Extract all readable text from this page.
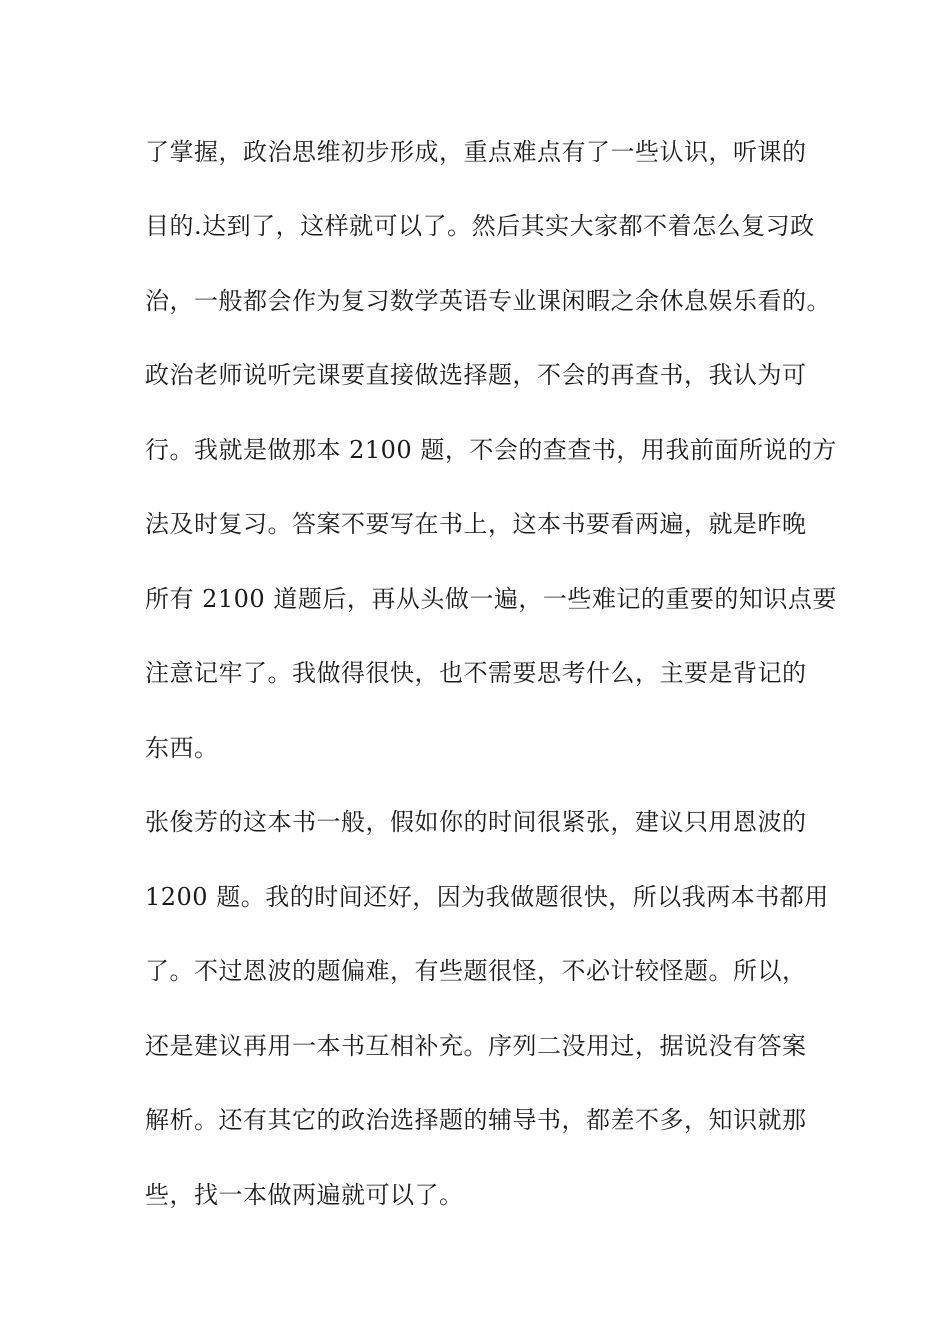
了掌握，政治思维初步形成，重点难点有了一些认识，听课的
目的.达到了，这样就可以了。然后其实大家都不着怎么复习政
治，一般都会作为复习数学英语专业课闲暇之余休息娱乐看的。
政治老师说听完课要直接做选择题，不会的再查书，我认为可
行。我就是做那本 2100 题，不会的查查书，用我前面所说的方
法及时复习。答案不要写在书上，这本书要看两遍，就是昨晚
所有 2100 道题后，再从头做一遍，一些难记的重要的知识点要
注意记牢了。我做得很快，也不需要思考什么，主要是背记的
东西。
张俊芳的这本书一般，假如你的时间很紧张，建议只用恩波的
1200 题。我的时间还好，因为我做题很快，所以我两本书都用
了。不过恩波的题偏难，有些题很怪，不必计较怪题。所以，
还是建议再用一本书互相补充。序列二没用过，据说没有答案
解析。还有其它的政治选择题的辅导书，都差不多，知识就那
些，找一本做两遍就可以了。
